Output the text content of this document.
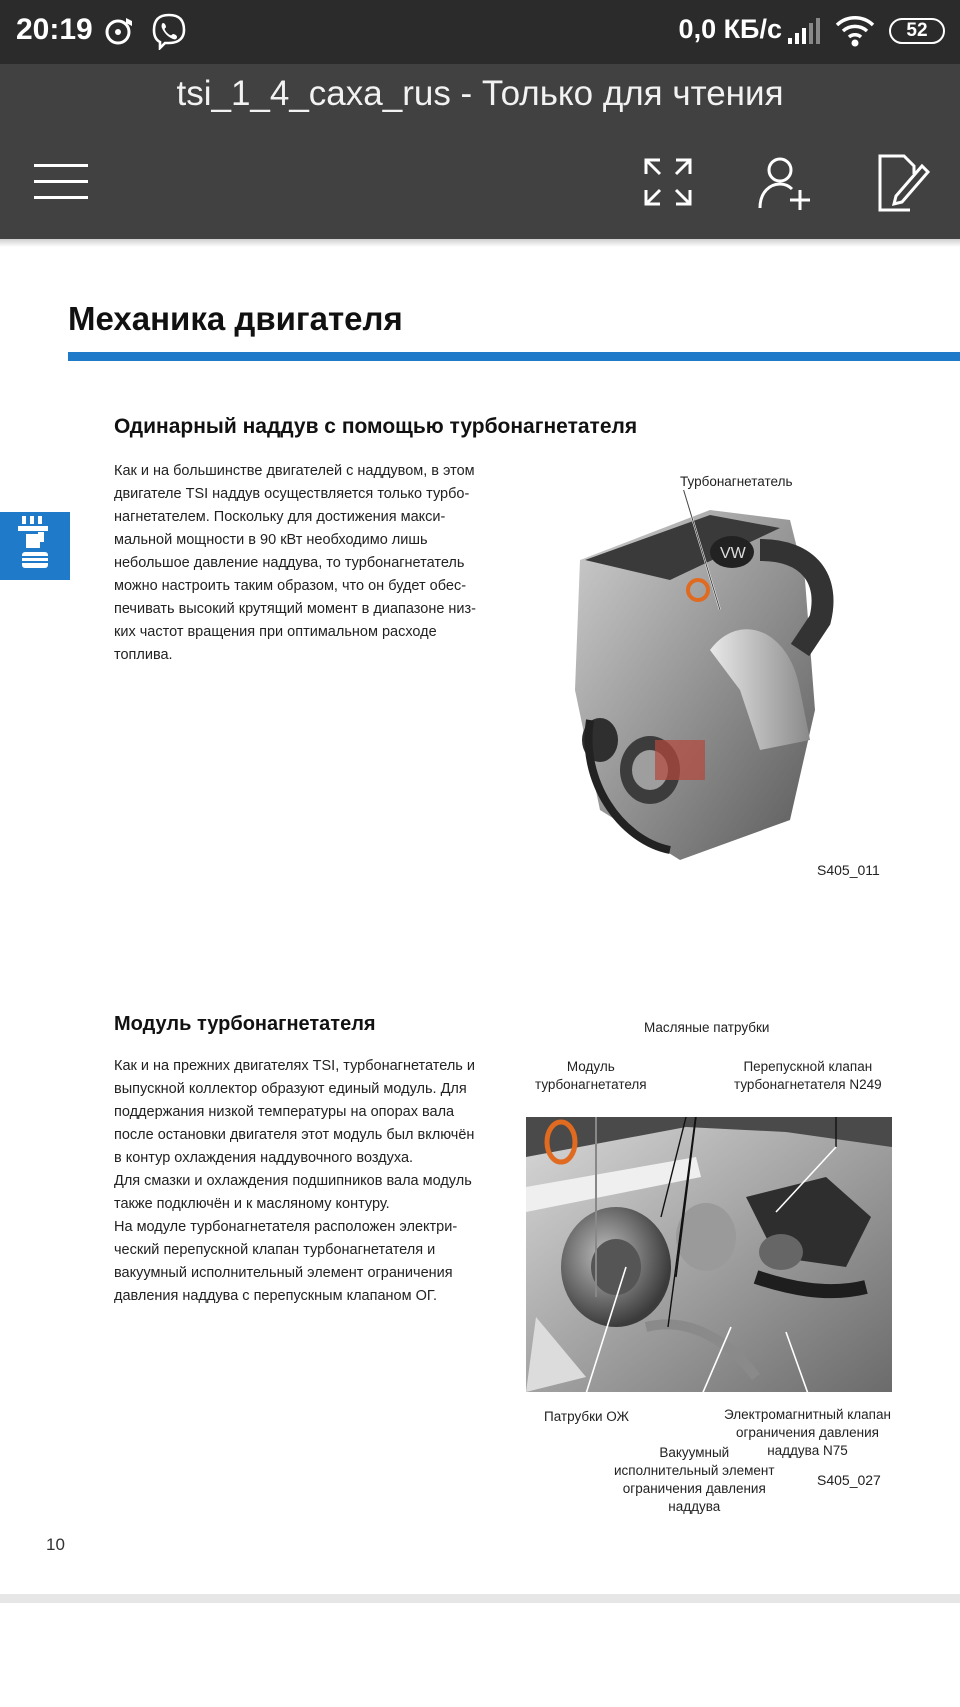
20:19	0,0 КБ/с	52
tsi_1_4_caxa_rus - Только для чтения
Механика двигателя
Одинарный наддув с помощью турбонагнетателя
Как и на большинстве двигателей с наддувом, в этом
двигателе TSI наддув осуществляется только турбо-
нагнетателем. Поскольку для достижения макси-
мальной мощности в 90 кВт необходимо лишь
небольшое давление наддува, то турбонагнетатель
можно настроить таким образом, что он будет обес-
печивать высокий крутящий момент в диапазоне низ-
ких частот вращения при оптимальном расходе
топлива.
Турбонагнетатель
VW
S405_011
Модуль турбонагнетателя
Как и на прежних двигателях TSI, турбонагнетатель и
выпускной коллектор образуют единый модуль. Для
поддержания низкой температуры на опорах вала
после остановки двигателя этот модуль был включён
в контур охлаждения наддувочного воздуха.
Для смазки и охлаждения подшипников вала модуль
также подключён и к масляному контуру.
На модуле турбонагнетателя расположен электри-
ческий перепускной клапан турбонагнетателя и
вакуумный исполнительный элемент ограничения
давления наддува с перепускным клапаном ОГ.
Масляные патрубки
Модуль
турбонагнетателя
Перепускной клапан
турбонагнетателя N249
Патрубки ОЖ	Электромагнитный клапан
ограничения давления
наддува N75
Вакуумный
исполнительный элемент
ограничения давления
наддува
S405_027
10
